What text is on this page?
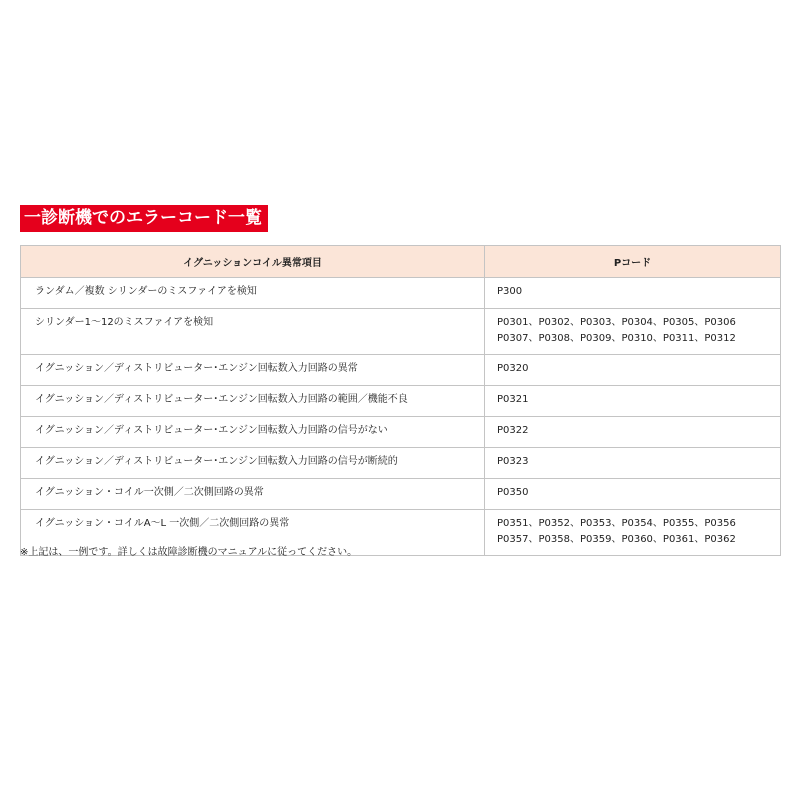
一診断機でのエラーコード一覧
イグニッションコイル異常項目	Pコード
ランダム／複数 シリンダーのミスファイアを検知	P300

シリンダー1～12のミスファイアを検知	P0301、P0302、P0303、P0304、P0305、P0306
P0307、P0308、P0309、P0310、P0311、P0312

イグニッション／ディストリビューター･エンジン回転数入力回路の異常	P0320

イグニッション／ディストリビューター･エンジン回転数入力回路の範囲／機能不良	P0321

イグニッション／ディストリビューター･エンジン回転数入力回路の信号がない	P0322

イグニッション／ディストリビューター･エンジン回転数入力回路の信号が断続的	P0323

イグニッション・コイル一次側／二次側回路の異常	P0350

イグニッション・コイルA～L 一次側／二次側回路の異常	P0351、P0352、P0353、P0354、P0355、P0356
P0357、P0358、P0359、P0360、P0361、P0362
※上記は、一例です。詳しくは故障診断機のマニュアルに従ってください。
